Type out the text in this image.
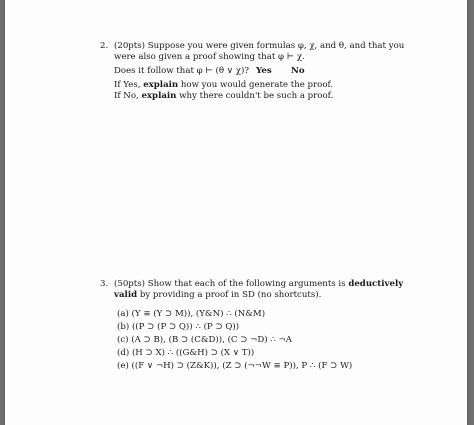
2. (20pts) Suppose you were given formulas φ, χ, and θ, and that you
were also given a proof showing that φ ⊢ χ.
Does it follow that φ ⊢ (θ ∨ χ)? Yes No
If Yes, explain how you would generate the proof.
If No, explain why there couldn't be such a proof.
3. (50pts) Show that each of the following arguments is deductively
valid by providing a proof in SD (no shortcuts).
(a) (Y ≡ (Y ⊃ M)), (Y&N) ∴ (N&M)
(b) ((P ⊃ (P ⊃ Q)) ∴ (P ⊃ Q))
(c) (A ⊃ B), (B ⊃ (C&D)), (C ⊃ ¬D) ∴ ¬A
(d) (H ⊃ X) ∴ ((G&H) ⊃ (X ∨ T))
(e) ((F ∨ ¬H) ⊃ (Z&K)), (Z ⊃ (¬¬W ≡ P)), P ∴ (F ⊃ W)
